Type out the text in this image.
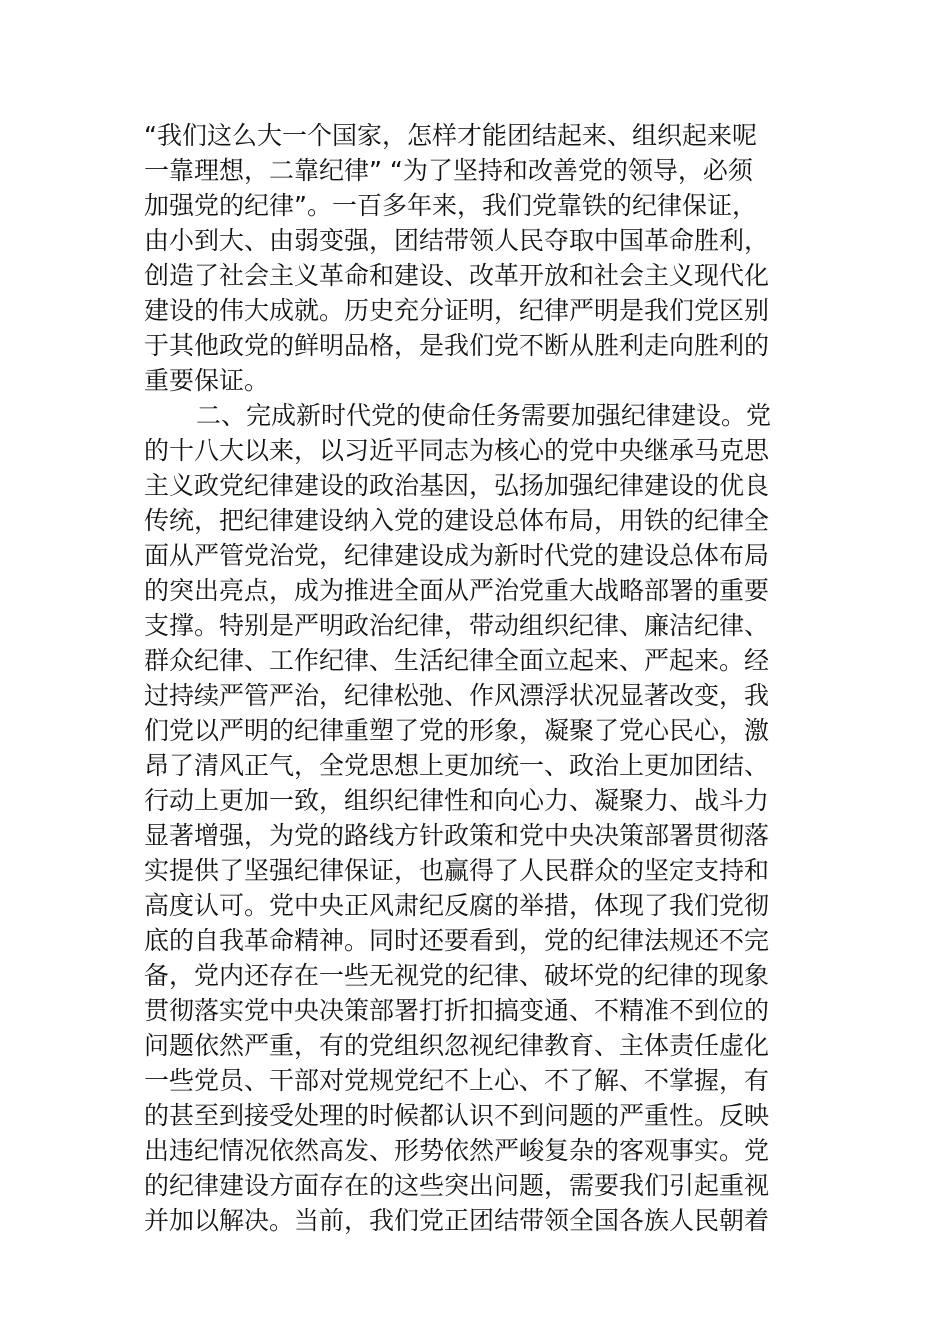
“我们这么大一个国家，怎样才能团结起来、组织起来呢
一靠理想，二靠纪律” “为了坚持和改善党的领导，必须
加强党的纪律”。一百多年来，我们党靠铁的纪律保证，
由小到大、由弱变强，团结带领人民夺取中国革命胜利，
创造了社会主义革命和建设、改革开放和社会主义现代化
建设的伟大成就。历史充分证明，纪律严明是我们党区别
于其他政党的鲜明品格，是我们党不断从胜利走向胜利的
重要保证。
二、完成新时代党的使命任务需要加强纪律建设。党
的十八大以来，以习近平同志为核心的党中央继承马克思
主义政党纪律建设的政治基因，弘扬加强纪律建设的优良
传统，把纪律建设纳入党的建设总体布局，用铁的纪律全
面从严管党治党，纪律建设成为新时代党的建设总体布局
的突出亮点，成为推进全面从严治党重大战略部署的重要
支撑。特别是严明政治纪律，带动组织纪律、廉洁纪律、
群众纪律、工作纪律、生活纪律全面立起来、严起来。经
过持续严管严治，纪律松弛、作风漂浮状况显著改变，我
们党以严明的纪律重塑了党的形象，凝聚了党心民心，激
昂了清风正气，全党思想上更加统一、政治上更加团结、
行动上更加一致，组织纪律性和向心力、凝聚力、战斗力
显著增强，为党的路线方针政策和党中央决策部署贯彻落
实提供了坚强纪律保证，也赢得了人民群众的坚定支持和
高度认可。党中央正风肃纪反腐的举措，体现了我们党彻
底的自我革命精神。同时还要看到，党的纪律法规还不完
备，党内还存在一些无视党的纪律、破坏党的纪律的现象
贯彻落实党中央决策部署打折扣搞变通、不精准不到位的
问题依然严重，有的党组织忽视纪律教育、主体责任虚化
一些党员、干部对党规党纪不上心、不了解、不掌握，有
的甚至到接受处理的时候都认识不到问题的严重性。反映
出违纪情况依然高发、形势依然严峻复杂的客观事实。党
的纪律建设方面存在的这些突出问题，需要我们引起重视
并加以解决。当前，我们党正团结带领全国各族人民朝着
